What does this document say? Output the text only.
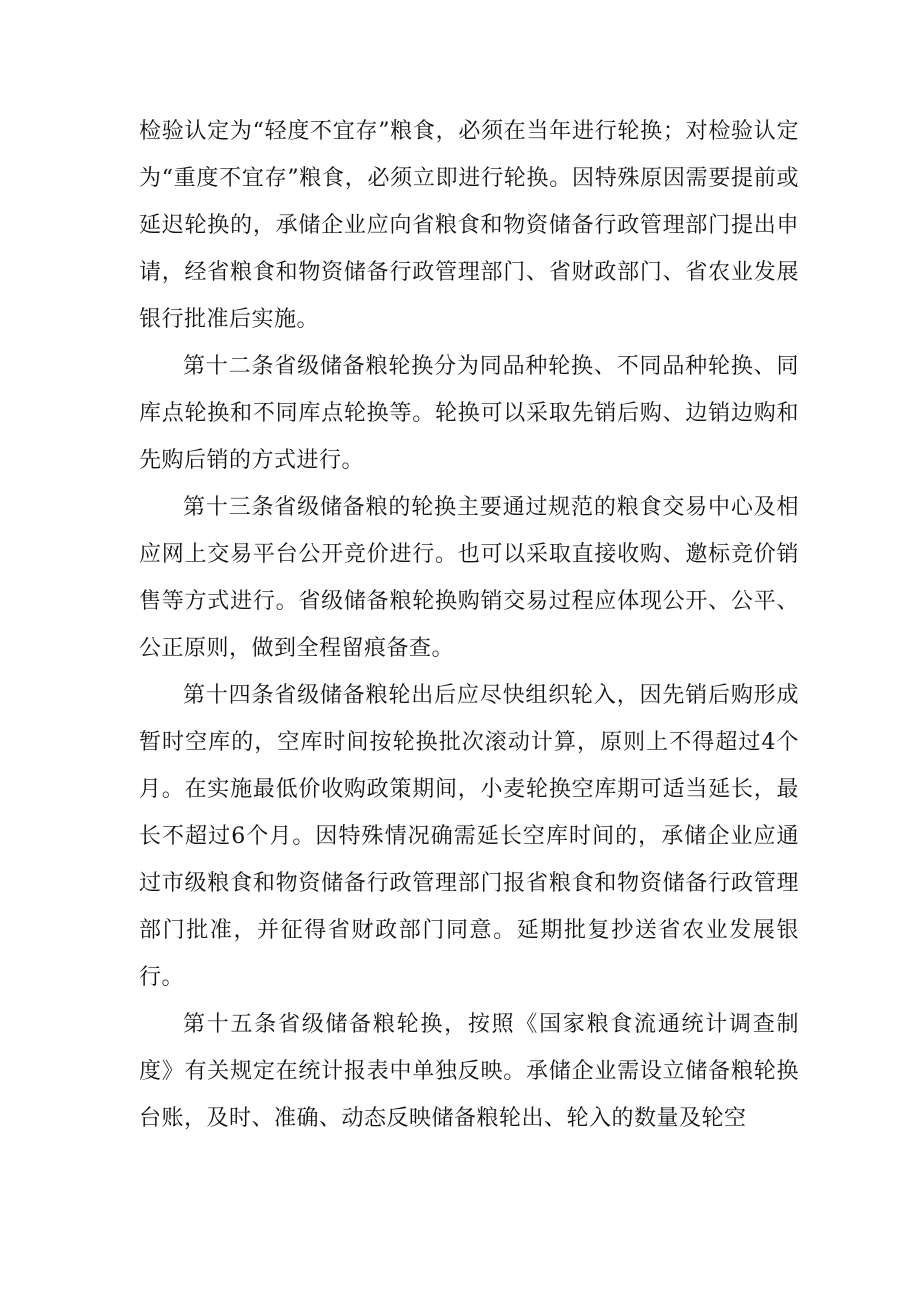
检验认定为“轻度不宜存”粮食，必须在当年进行轮换；对检验认定为“重度不宜存”粮食，必须立即进行轮换。因特殊原因需要提前或延迟轮换的，承储企业应向省粮食和物资储备行政管理部门提出申请，经省粮食和物资储备行政管理部门、省财政部门、省农业发展银行批准后实施。

第十二条省级储备粮轮换分为同品种轮换、不同品种轮换、同库点轮换和不同库点轮换等。轮换可以采取先销后购、边销边购和先购后销的方式进行。

第十三条省级储备粮的轮换主要通过规范的粮食交易中心及相应网上交易平台公开竞价进行。也可以采取直接收购、邀标竞价销售等方式进行。省级储备粮轮换购销交易过程应体现公开、公平、公正原则，做到全程留痕备查。

第十四条省级储备粮轮出后应尽快组织轮入，因先销后购形成暂时空库的，空库时间按轮换批次滚动计算，原则上不得超过4个月。在实施最低价收购政策期间，小麦轮换空库期可适当延长，最长不超过6个月。因特殊情况确需延长空库时间的，承储企业应通过市级粮食和物资储备行政管理部门报省粮食和物资储备行政管理部门批准，并征得省财政部门同意。延期批复抄送省农业发展银行。

第十五条省级储备粮轮换，按照《国家粮食流通统计调查制度》有关规定在统计报表中单独反映。承储企业需设立储备粮轮换台账，及时、准确、动态反映储备粮轮出、轮入的数量及轮空
